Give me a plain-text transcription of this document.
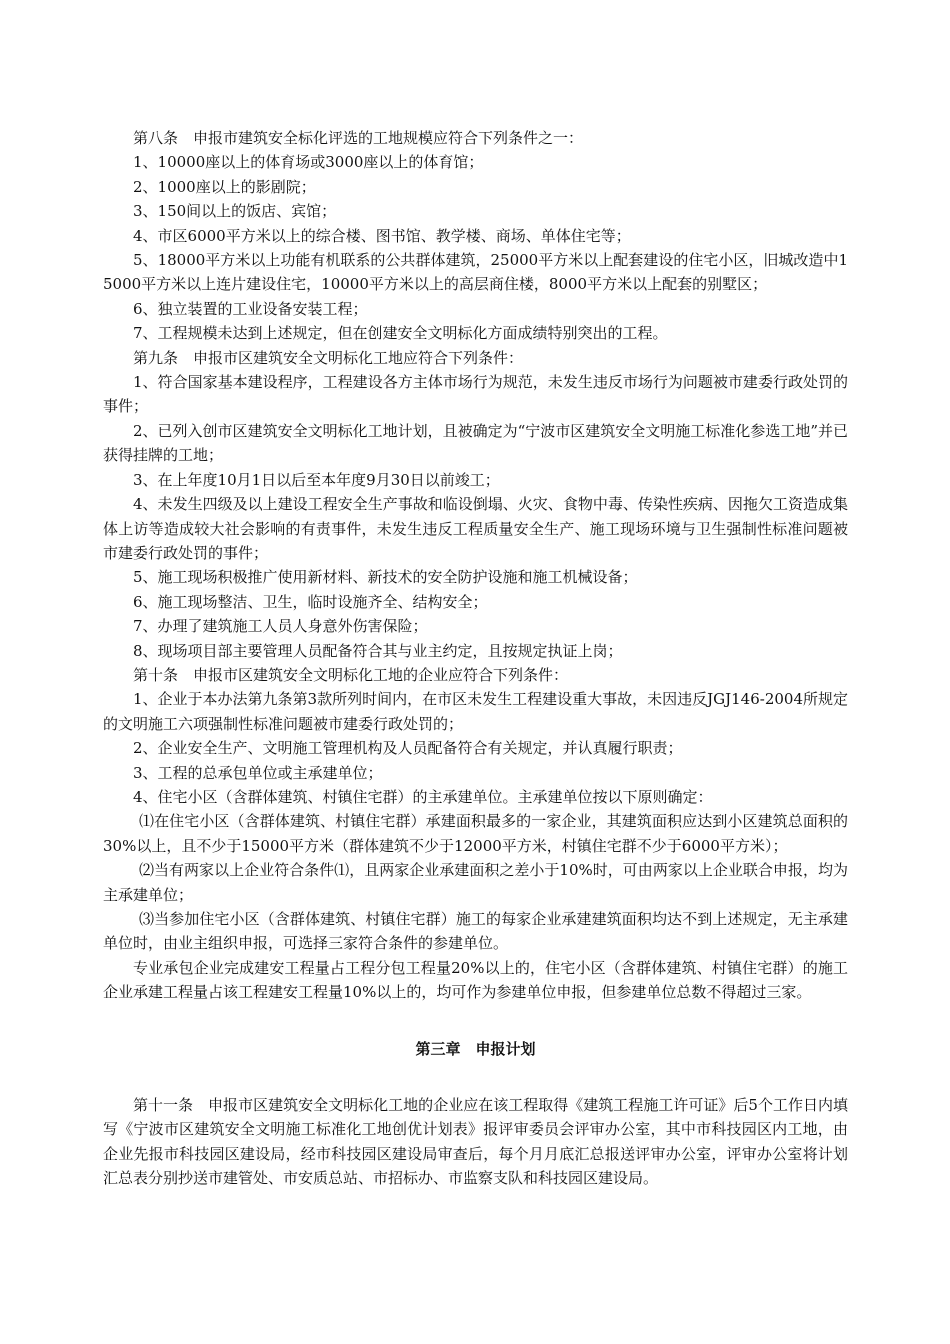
第八条　申报市建筑安全标化评选的工地规模应符合下列条件之一：

1、10000座以上的体育场或3000座以上的体育馆；

2、1000座以上的影剧院；

3、150间以上的饭店、宾馆；

4、市区6000平方米以上的综合楼、图书馆、教学楼、商场、单体住宅等；

5、18000平方米以上功能有机联系的公共群体建筑，25000平方米以上配套建设的住宅小区，旧城改造中15000平方米以上连片建设住宅，10000平方米以上的高层商住楼，8000平方米以上配套的别墅区；

6、独立装置的工业设备安装工程；

7、工程规模未达到上述规定，但在创建安全文明标化方面成绩特别突出的工程。

第九条　申报市区建筑安全文明标化工地应符合下列条件：

1、符合国家基本建设程序，工程建设各方主体市场行为规范，未发生违反市场行为问题被市建委行政处罚的事件；

2、已列入创市区建筑安全文明标化工地计划，且被确定为“宁波市区建筑安全文明施工标准化参选工地”并已获得挂牌的工地；

3、在上年度10月1日以后至本年度9月30日以前竣工；

4、未发生四级及以上建设工程安全生产事故和临设倒塌、火灾、食物中毒、传染性疾病、因拖欠工资造成集体上访等造成较大社会影响的有责事件，未发生违反工程质量安全生产、施工现场环境与卫生强制性标准问题被市建委行政处罚的事件；

5、施工现场积极推广使用新材料、新技术的安全防护设施和施工机械设备；

6、施工现场整洁、卫生，临时设施齐全、结构安全；

7、办理了建筑施工人员人身意外伤害保险；

8、现场项目部主要管理人员配备符合其与业主约定，且按规定执证上岗；

第十条　申报市区建筑安全文明标化工地的企业应符合下列条件：

1、企业于本办法第九条第3款所列时间内，在市区未发生工程建设重大事故，未因违反JGJ146-2004所规定的文明施工六项强制性标准问题被市建委行政处罚的；

2、企业安全生产、文明施工管理机构及人员配备符合有关规定，并认真履行职责；

3、工程的总承包单位或主承建单位；

4、住宅小区（含群体建筑、村镇住宅群）的主承建单位。主承建单位按以下原则确定：

⑴在住宅小区（含群体建筑、村镇住宅群）承建面积最多的一家企业，其建筑面积应达到小区建筑总面积的30%以上，且不少于15000平方米（群体建筑不少于12000平方米，村镇住宅群不少于6000平方米）；

⑵当有两家以上企业符合条件⑴，且两家企业承建面积之差小于10%时，可由两家以上企业联合申报，均为主承建单位；

⑶当参加住宅小区（含群体建筑、村镇住宅群）施工的每家企业承建建筑面积均达不到上述规定，无主承建单位时，由业主组织申报，可选择三家符合条件的参建单位。

专业承包企业完成建安工程量占工程分包工程量20%以上的，住宅小区（含群体建筑、村镇住宅群）的施工企业承建工程量占该工程建安工程量10%以上的，均可作为参建单位申报，但参建单位总数不得超过三家。

第三章　申报计划

第十一条　申报市区建筑安全文明标化工地的企业应在该工程取得《建筑工程施工许可证》后5个工作日内填写《宁波市区建筑安全文明施工标准化工地创优计划表》报评审委员会评审办公室，其中市科技园区内工地，由企业先报市科技园区建设局，经市科技园区建设局审查后，每个月月底汇总报送评审办公室，评审办公室将计划汇总表分别抄送市建管处、市安质总站、市招标办、市监察支队和科技园区建设局。
